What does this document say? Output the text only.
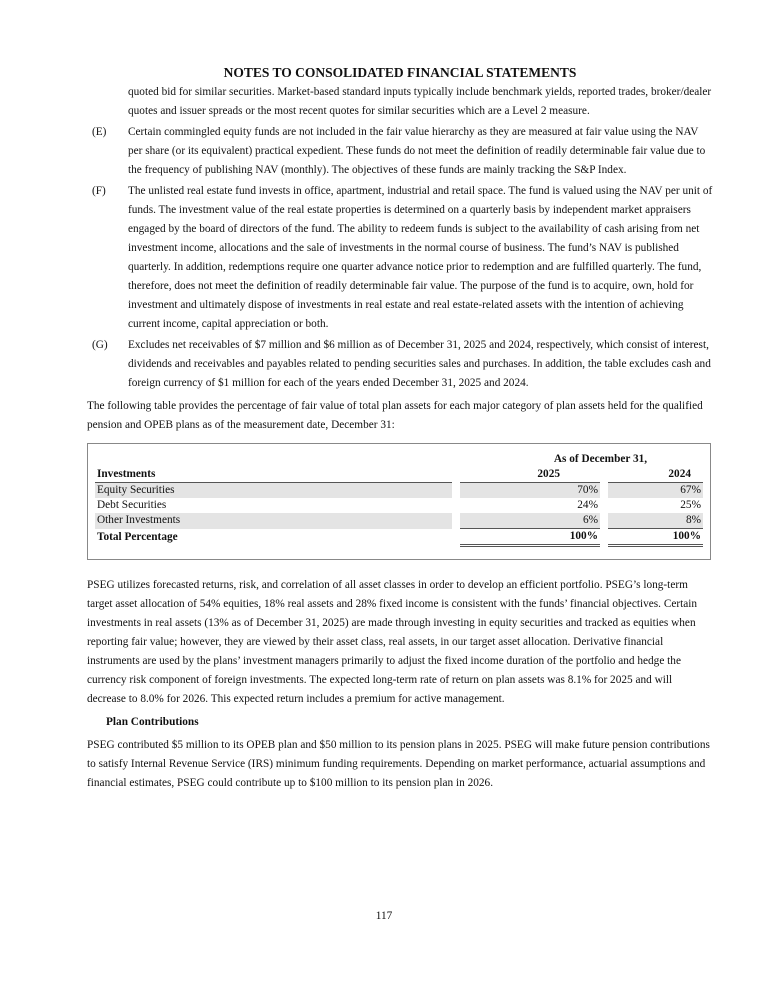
NOTES TO CONSOLIDATED FINANCIAL STATEMENTS

quoted bid for similar securities. Market-based standard inputs typically include benchmark yields, reported trades, broker/dealer quotes and issuer spreads or the most recent quotes for similar securities which are a Level 2 measure.

(E) Certain commingled equity funds are not included in the fair value hierarchy as they are measured at fair value using the NAV per share (or its equivalent) practical expedient. These funds do not meet the definition of readily determinable fair value due to the frequency of publishing NAV (monthly). The objectives of these funds are mainly tracking the S&P Index.

(F) The unlisted real estate fund invests in office, apartment, industrial and retail space. The fund is valued using the NAV per unit of funds. The investment value of the real estate properties is determined on a quarterly basis by independent market appraisers engaged by the board of directors of the fund. The ability to redeem funds is subject to the availability of cash arising from net investment income, allocations and the sale of investments in the normal course of business. The fund’s NAV is published quarterly. In addition, redemptions require one quarter advance notice prior to redemption and are fulfilled quarterly. The fund, therefore, does not meet the definition of readily determinable fair value. The purpose of the fund is to acquire, own, hold for investment and ultimately dispose of investments in real estate and real estate-related assets with the intention of achieving current income, capital appreciation or both.

(G) Excludes net receivables of $7 million and $6 million as of December 31, 2025 and 2024, respectively, which consist of interest, dividends and receivables and payables related to pending securities sales and purchases. In addition, the table excludes cash and foreign currency of $1 million for each of the years ended December 31, 2025 and 2024.

The following table provides the percentage of fair value of total plan assets for each major category of plan assets held for the qualified pension and OPEB plans as of the measurement date, December 31:

		As of December 31,		
Investments		2025		2024
Equity Securities		70%		67%
Debt Securities		24%		25%
Other Investments		6%		8%
Total Percentage		100%		100%

PSEG utilizes forecasted returns, risk, and correlation of all asset classes in order to develop an efficient portfolio. PSEG’s long-term target asset allocation of 54% equities, 18% real assets and 28% fixed income is consistent with the funds’ financial objectives. Certain investments in real assets (13% as of December 31, 2025) are made through investing in equity securities and tracked as equities when reporting fair value; however, they are viewed by their asset class, real assets, in our target asset allocation. Derivative financial instruments are used by the plans’ investment managers primarily to adjust the fixed income duration of the portfolio and hedge the currency risk component of foreign investments. The expected long-term rate of return on plan assets was 8.1% for 2025 and will decrease to 8.0% for 2026. This expected return includes a premium for active management.

Plan Contributions

PSEG contributed $5 million to its OPEB plan and $50 million to its pension plans in 2025. PSEG will make future pension contributions to satisfy Internal Revenue Service (IRS) minimum funding requirements. Depending on market performance, actuarial assumptions and financial estimates, PSEG could contribute up to $100 million to its pension plan in 2026.

117
